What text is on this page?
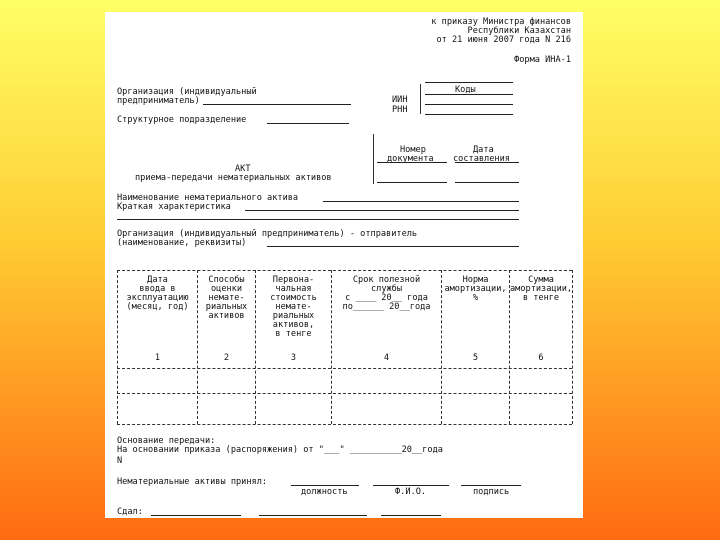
к приказу Министра финансов
Республики Казахстан
от 21 июня 2007 года N 216
Форма ИНА-1
Коды
ИИН
РНН
Организация (индивидуальный
предприниматель)
Структурное подразделение
Номер
документа
Дата
составления
АКТ
приема-передачи нематериальных активов
Наименование нематериального актива
Краткая характеристика
Организация (индивидуальный предприниматель) - отправитель
(наименование, реквизиты)
Дата
ввода в
эксплуатацию
(месяц, год)
1
Способы
оценки
немате-
риальных
активов
2
Первона-
чальная
стоимость
немате-
риальных
активов,
в тенге
3
Срок полезной
службы
с ____ 20__ года
по______ 20__года
4
Норма
амортизации, %
5
Сумма
амортизации,
в тенге
6
Основание передачи:
На основании приказа (распоряжения) от "___" __________20__года
N
Нематериальные активы принял:
должность	Ф.И.О.	подпись
Сдал:
